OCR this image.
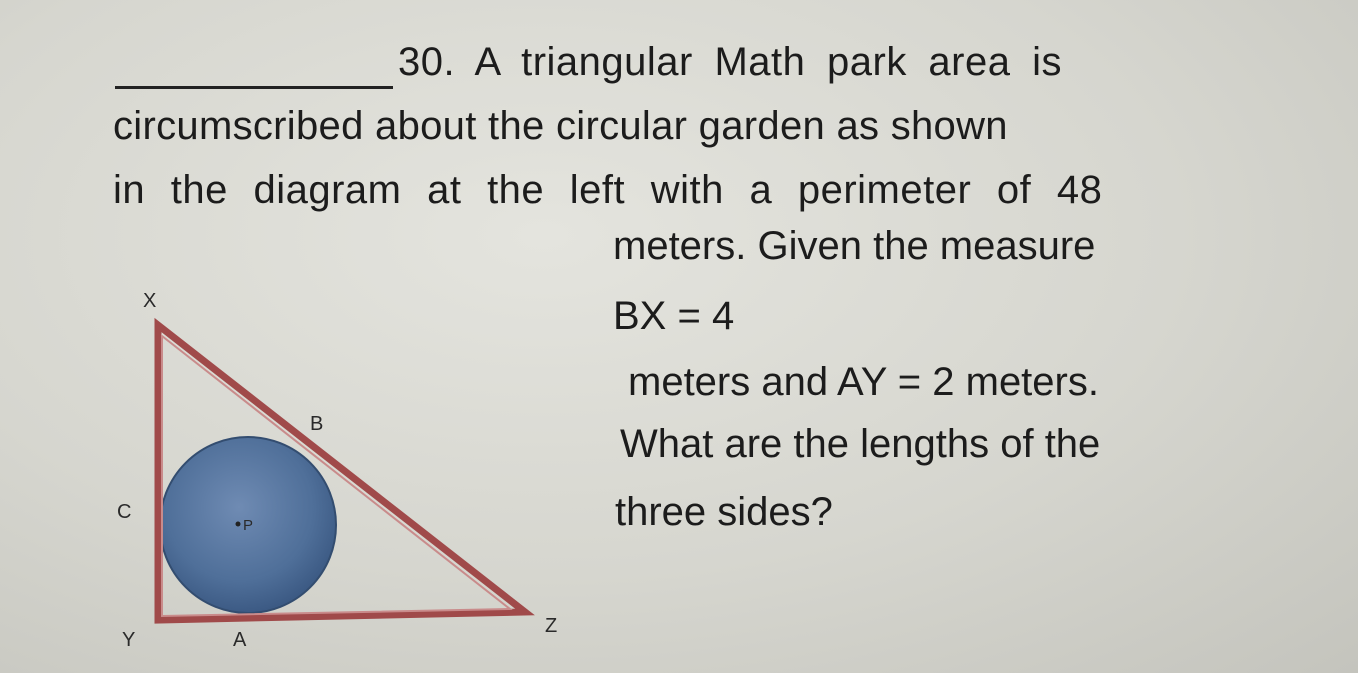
30. A triangular Math park area is
circumscribed about the circular garden as shown
in the diagram at the left with a perimeter of 48
meters. Given the measure
BX = 4
meters and AY = 2 meters.
What are the lengths of the
three sides?
P
X
Y
Z
A
B
C
